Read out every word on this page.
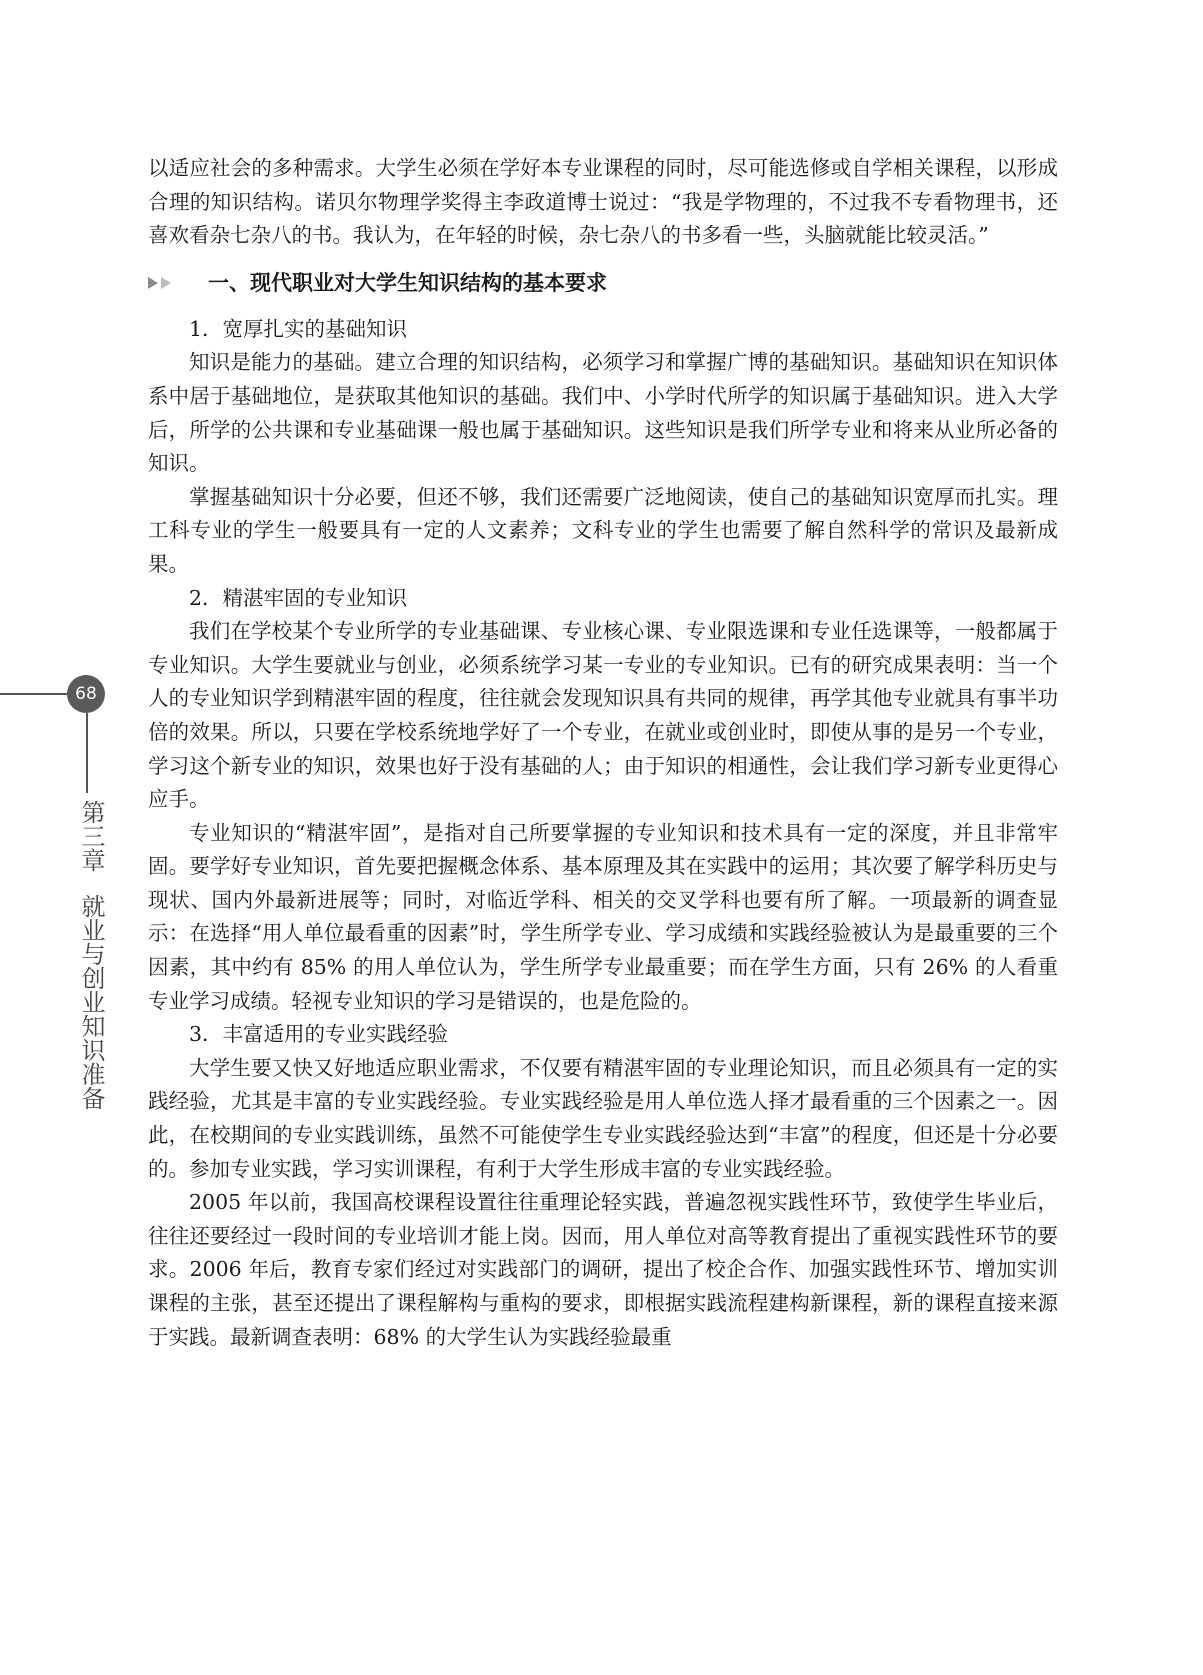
68
第三章就业与创业知识准备

以适应社会的多种需求。大学生必须在学好本专业课程的同时，尽可能选修或自学相关课程，以形成合理的知识结构。诺贝尔物理学奖得主李政道博士说过：“我是学物理的，不过我不专看物理书，还喜欢看杂七杂八的书。我认为，在年轻的时候，杂七杂八的书多看一些，头脑就能比较灵活。”

一、现代职业对大学生知识结构的基本要求

1．宽厚扎实的基础知识

知识是能力的基础。建立合理的知识结构，必须学习和掌握广博的基础知识。基础知识在知识体系中居于基础地位，是获取其他知识的基础。我们中、小学时代所学的知识属于基础知识。进入大学后，所学的公共课和专业基础课一般也属于基础知识。这些知识是我们所学专业和将来从业所必备的知识。

掌握基础知识十分必要，但还不够，我们还需要广泛地阅读，使自己的基础知识宽厚而扎实。理工科专业的学生一般要具有一定的人文素养；文科专业的学生也需要了解自然科学的常识及最新成果。

2．精湛牢固的专业知识

我们在学校某个专业所学的专业基础课、专业核心课、专业限选课和专业任选课等，一般都属于专业知识。大学生要就业与创业，必须系统学习某一专业的专业知识。已有的研究成果表明：当一个人的专业知识学到精湛牢固的程度，往往就会发现知识具有共同的规律，再学其他专业就具有事半功倍的效果。所以，只要在学校系统地学好了一个专业，在就业或创业时，即使从事的是另一个专业，学习这个新专业的知识，效果也好于没有基础的人；由于知识的相通性，会让我们学习新专业更得心应手。

专业知识的“精湛牢固”，是指对自己所要掌握的专业知识和技术具有一定的深度，并且非常牢固。要学好专业知识，首先要把握概念体系、基本原理及其在实践中的运用；其次要了解学科历史与现状、国内外最新进展等；同时，对临近学科、相关的交叉学科也要有所了解。一项最新的调查显示：在选择“用人单位最看重的因素”时，学生所学专业、学习成绩和实践经验被认为是最重要的三个因素，其中约有 85% 的用人单位认为，学生所学专业最重要；而在学生方面，只有 26% 的人看重专业学习成绩。轻视专业知识的学习是错误的，也是危险的。

3．丰富适用的专业实践经验

大学生要又快又好地适应职业需求，不仅要有精湛牢固的专业理论知识，而且必须具有一定的实践经验，尤其是丰富的专业实践经验。专业实践经验是用人单位选人择才最看重的三个因素之一。因此，在校期间的专业实践训练，虽然不可能使学生专业实践经验达到“丰富”的程度，但还是十分必要的。参加专业实践，学习实训课程，有利于大学生形成丰富的专业实践经验。

2005 年以前，我国高校课程设置往往重理论轻实践，普遍忽视实践性环节，致使学生毕业后，往往还要经过一段时间的专业培训才能上岗。因而，用人单位对高等教育提出了重视实践性环节的要求。2006 年后，教育专家们经过对实践部门的调研，提出了校企合作、加强实践性环节、增加实训课程的主张，甚至还提出了课程解构与重构的要求，即根据实践流程建构新课程，新的课程直接来源于实践。最新调查表明：68% 的大学生认为实践经验最重
